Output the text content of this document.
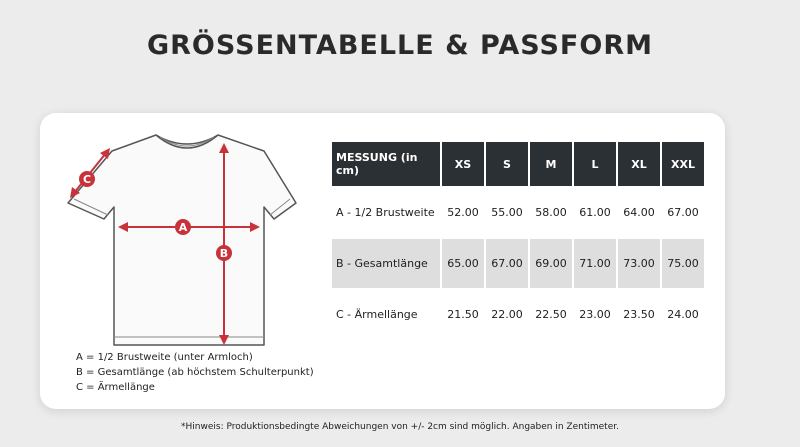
GRÖSSENTABELLE & PASSFORM
C
A
B
A = 1/2 Brustweite (unter Armloch)
B = Gesamtlänge (ab höchstem Schulterpunkt)
C = Ärmellänge
MESSUNG (in cm)	XS	S	M	L	XL	XXL
A - 1/2 Brustweite	52.00	55.00	58.00	61.00	64.00	67.00
B - Gesamtlänge	65.00	67.00	69.00	71.00	73.00	75.00
C - Ärmellänge	21.50	22.00	22.50	23.00	23.50	24.00
*Hinweis: Produktionsbedingte Abweichungen von +/- 2cm sind möglich. Angaben in Zentimeter.
